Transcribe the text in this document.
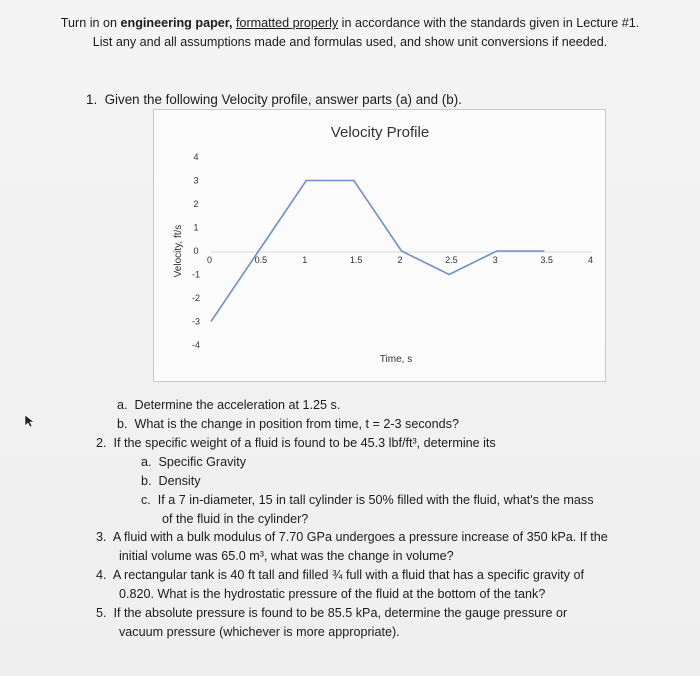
Turn in on engineering paper, formatted properly in accordance with the standards given in Lecture #1.
List any and all assumptions made and formulas used, and show unit conversions if needed.
1. Given the following Velocity profile, answer parts (a) and (b).
Velocity Profile
Velocity, ft/s
Time, s
0	0.5	1	1.5	2	2.5	3	3.5	4
4
3
2
1
0
-1
-2
-3
-4
a. Determine the acceleration at 1.25 s.
b. What is the change in position from time, t = 2-3 seconds?
2. If the specific weight of a fluid is found to be 45.3 lbf/ft³, determine its
a. Specific Gravity
b. Density
c. If a 7 in-diameter, 15 in tall cylinder is 50% filled with the fluid, what's the mass
of the fluid in the cylinder?
3. A fluid with a bulk modulus of 7.70 GPa undergoes a pressure increase of 350 kPa. If the
initial volume was 65.0 m³, what was the change in volume?
4. A rectangular tank is 40 ft tall and filled ¾ full with a fluid that has a specific gravity of
0.820. What is the hydrostatic pressure of the fluid at the bottom of the tank?
5. If the absolute pressure is found to be 85.5 kPa, determine the gauge pressure or
vacuum pressure (whichever is more appropriate).
